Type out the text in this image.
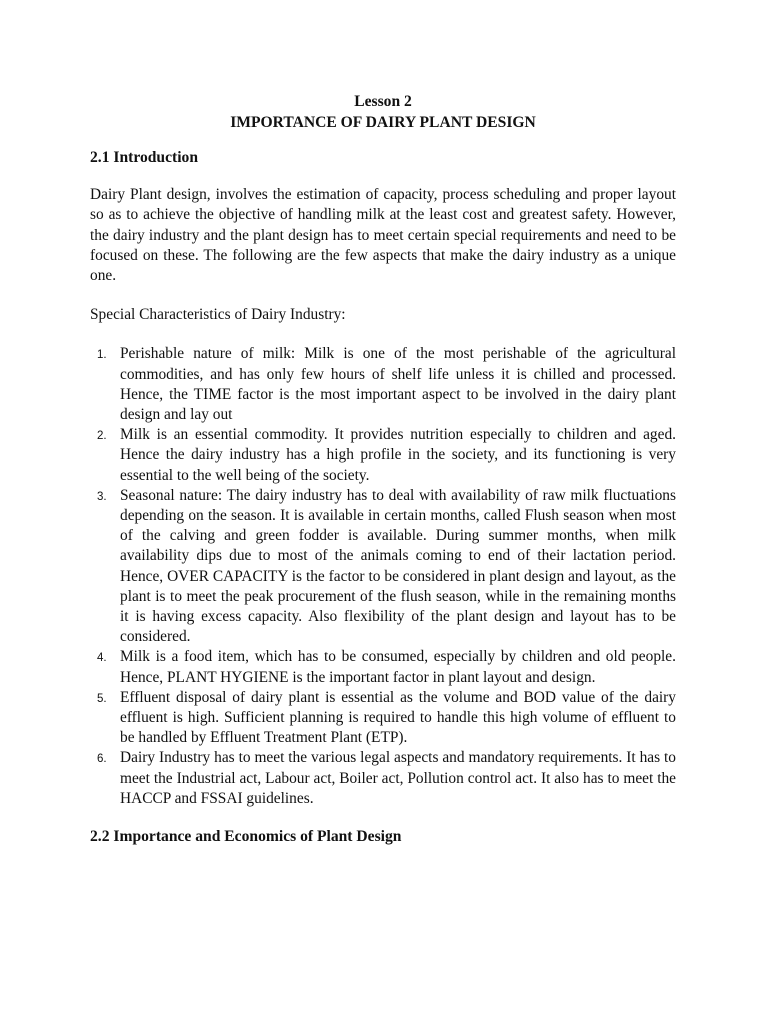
Lesson 2
IMPORTANCE OF DAIRY PLANT DESIGN

2.1 Introduction

Dairy Plant design, involves the estimation of capacity, process scheduling and proper layout so as to achieve the objective of handling milk at the least cost and greatest safety. However, the dairy industry and the plant design has to meet certain special requirements and need to be focused on these. The following are the few aspects that make the dairy industry as a unique one.

Special Characteristics of Dairy Industry:

1. Perishable nature of milk: Milk is one of the most perishable of the agricultural commodities, and has only few hours of shelf life unless it is chilled and processed. Hence, the TIME factor is the most important aspect to be involved in the dairy plant design and lay out
2. Milk is an essential commodity. It provides nutrition especially to children and aged. Hence the dairy industry has a high profile in the society, and its functioning is very essential to the well being of the society.
3. Seasonal nature: The dairy industry has to deal with availability of raw milk fluctuations depending on the season. It is available in certain months, called Flush season when most of the calving and green fodder is available. During summer months, when milk availability dips due to most of the animals coming to end of their lactation period. Hence, OVER CAPACITY is the factor to be considered in plant design and layout, as the plant is to meet the peak procurement of the flush season, while in the remaining months it is having excess capacity. Also flexibility of the plant design and layout has to be considered.
4. Milk is a food item, which has to be consumed, especially by children and old people. Hence, PLANT HYGIENE is the important factor in plant layout and design.
5. Effluent disposal of dairy plant is essential as the volume and BOD value of the dairy effluent is high. Sufficient planning is required to handle this high volume of effluent to be handled by Effluent Treatment Plant (ETP).
6. Dairy Industry has to meet the various legal aspects and mandatory requirements. It has to meet the Industrial act, Labour act, Boiler act, Pollution control act. It also has to meet the HACCP and FSSAI guidelines.

2.2 Importance and Economics of Plant Design
